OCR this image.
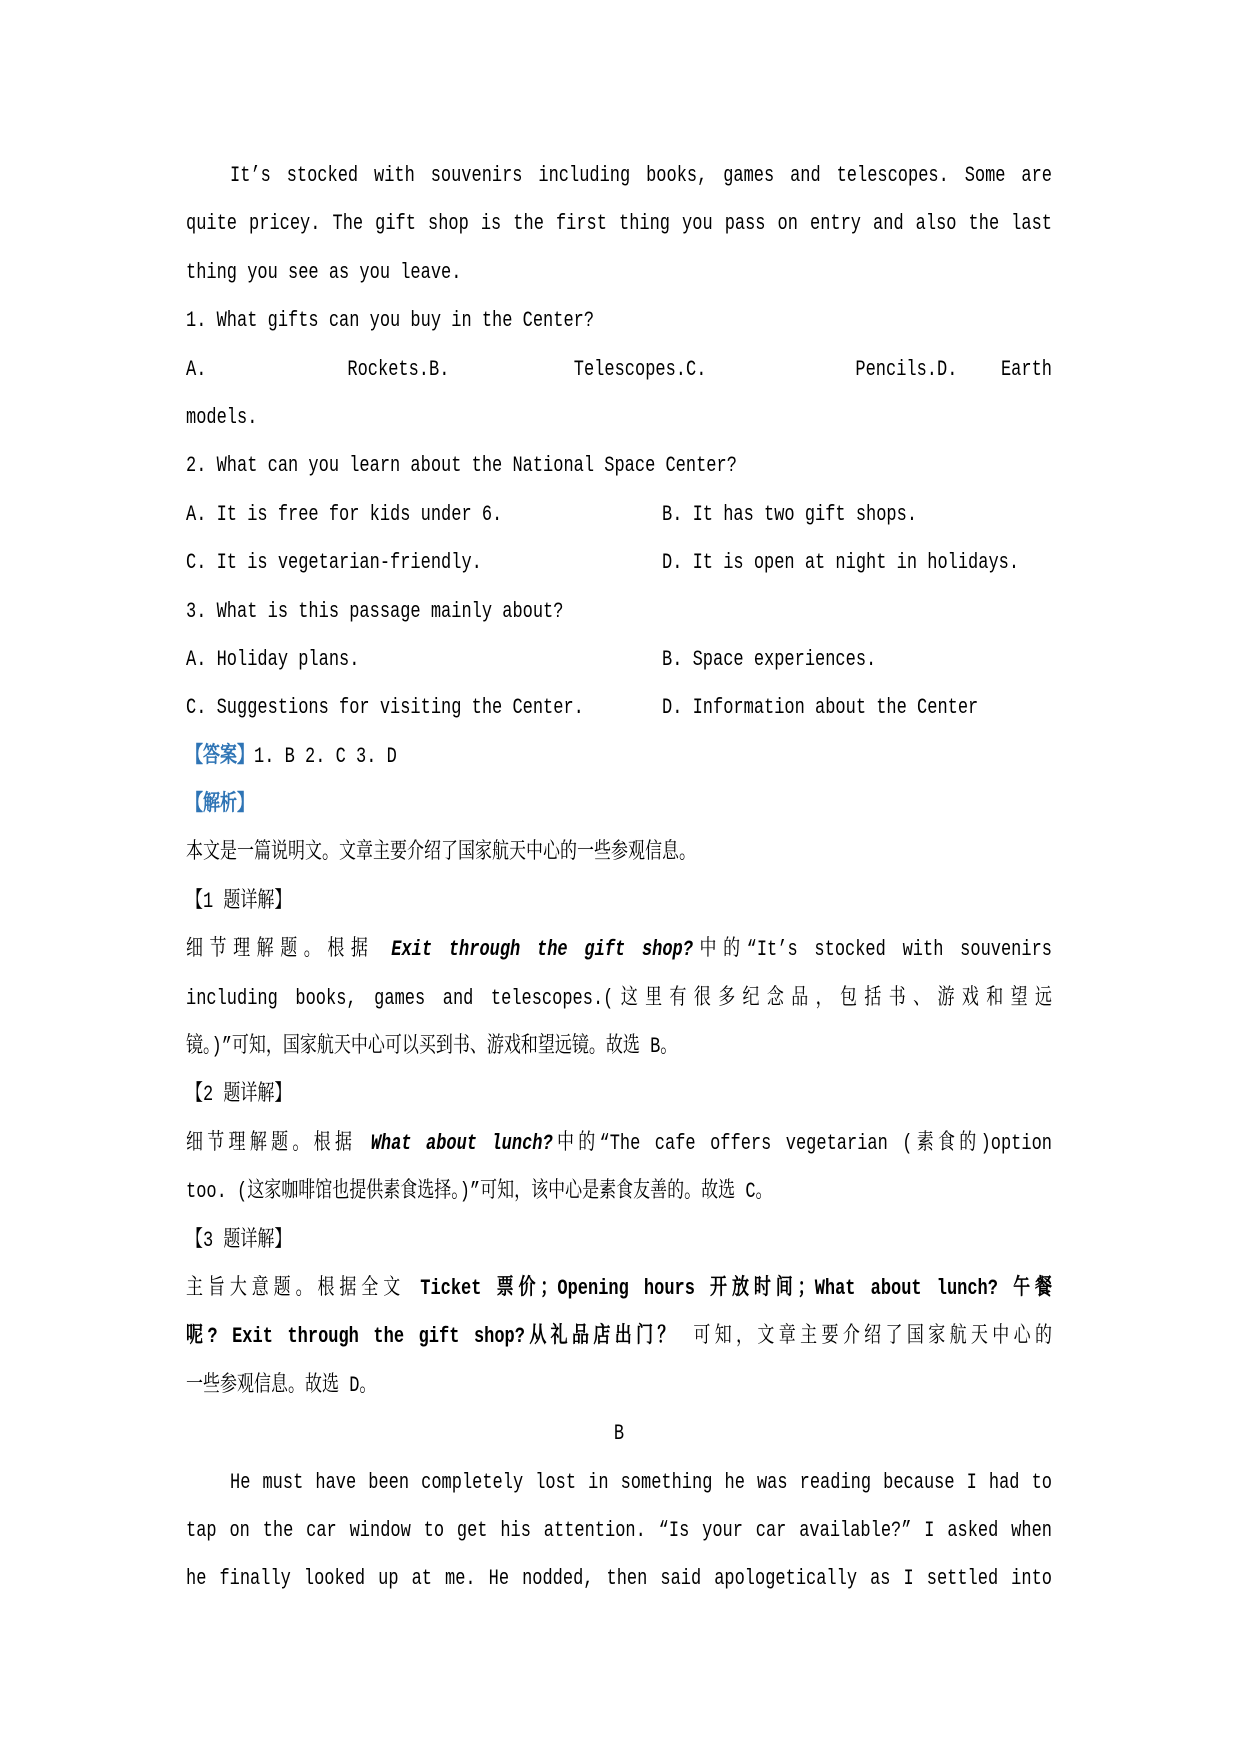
It’s stocked with souvenirs including books, games and telescopes. Some are
quite pricey. The gift shop is the first thing you pass on entry and also the last
thing you see as you leave.
1. What gifts can you buy in the Center?
A. Rockets. B. Telescopes. C. Pencils. D. Earth
models.
2. What can you learn about the National Space Center?
A. It is free for kids under 6.	B. It has two gift shops.
C. It is vegetarian-friendly.	D. It is open at night in holidays.
3. What is this passage mainly about?
A. Holiday plans.	B. Space experiences.
C. Suggestions for visiting the Center.	D. Information about the Center
【答案】1. B 2. C 3. D
【解析】
本文是一篇说明文。文章主要介绍了国家航天中心的一些参观信息。
【1 题详解】
细节理解题。根据 Exit through the gift shop?中的“It’s stocked with souvenirs
including books, games and telescopes.(这里有很多纪念品，包括书、游戏和望远
镜。)”可知，国家航天中心可以买到书、游戏和望远镜。故选 B。
【2 题详解】
细节理解题。根据 What about lunch?中的“The cafe offers vegetarian (素食的)option
too. (这家咖啡馆也提供素食选择。)”可知，该中心是素食友善的。故选 C。
【3 题详解】
主旨大意题。根据全文 Ticket 票价；Opening hours 开放时间；What about lunch? 午餐
呢? Exit through the gift shop?从礼品店出门？ 可知，文章主要介绍了国家航天中心的
一些参观信息。故选 D。
B
He must have been completely lost in something he was reading because I had to
tap on the car window to get his attention. “Is your car available?” I asked when
he finally looked up at me. He nodded, then said apologetically as I settled into
